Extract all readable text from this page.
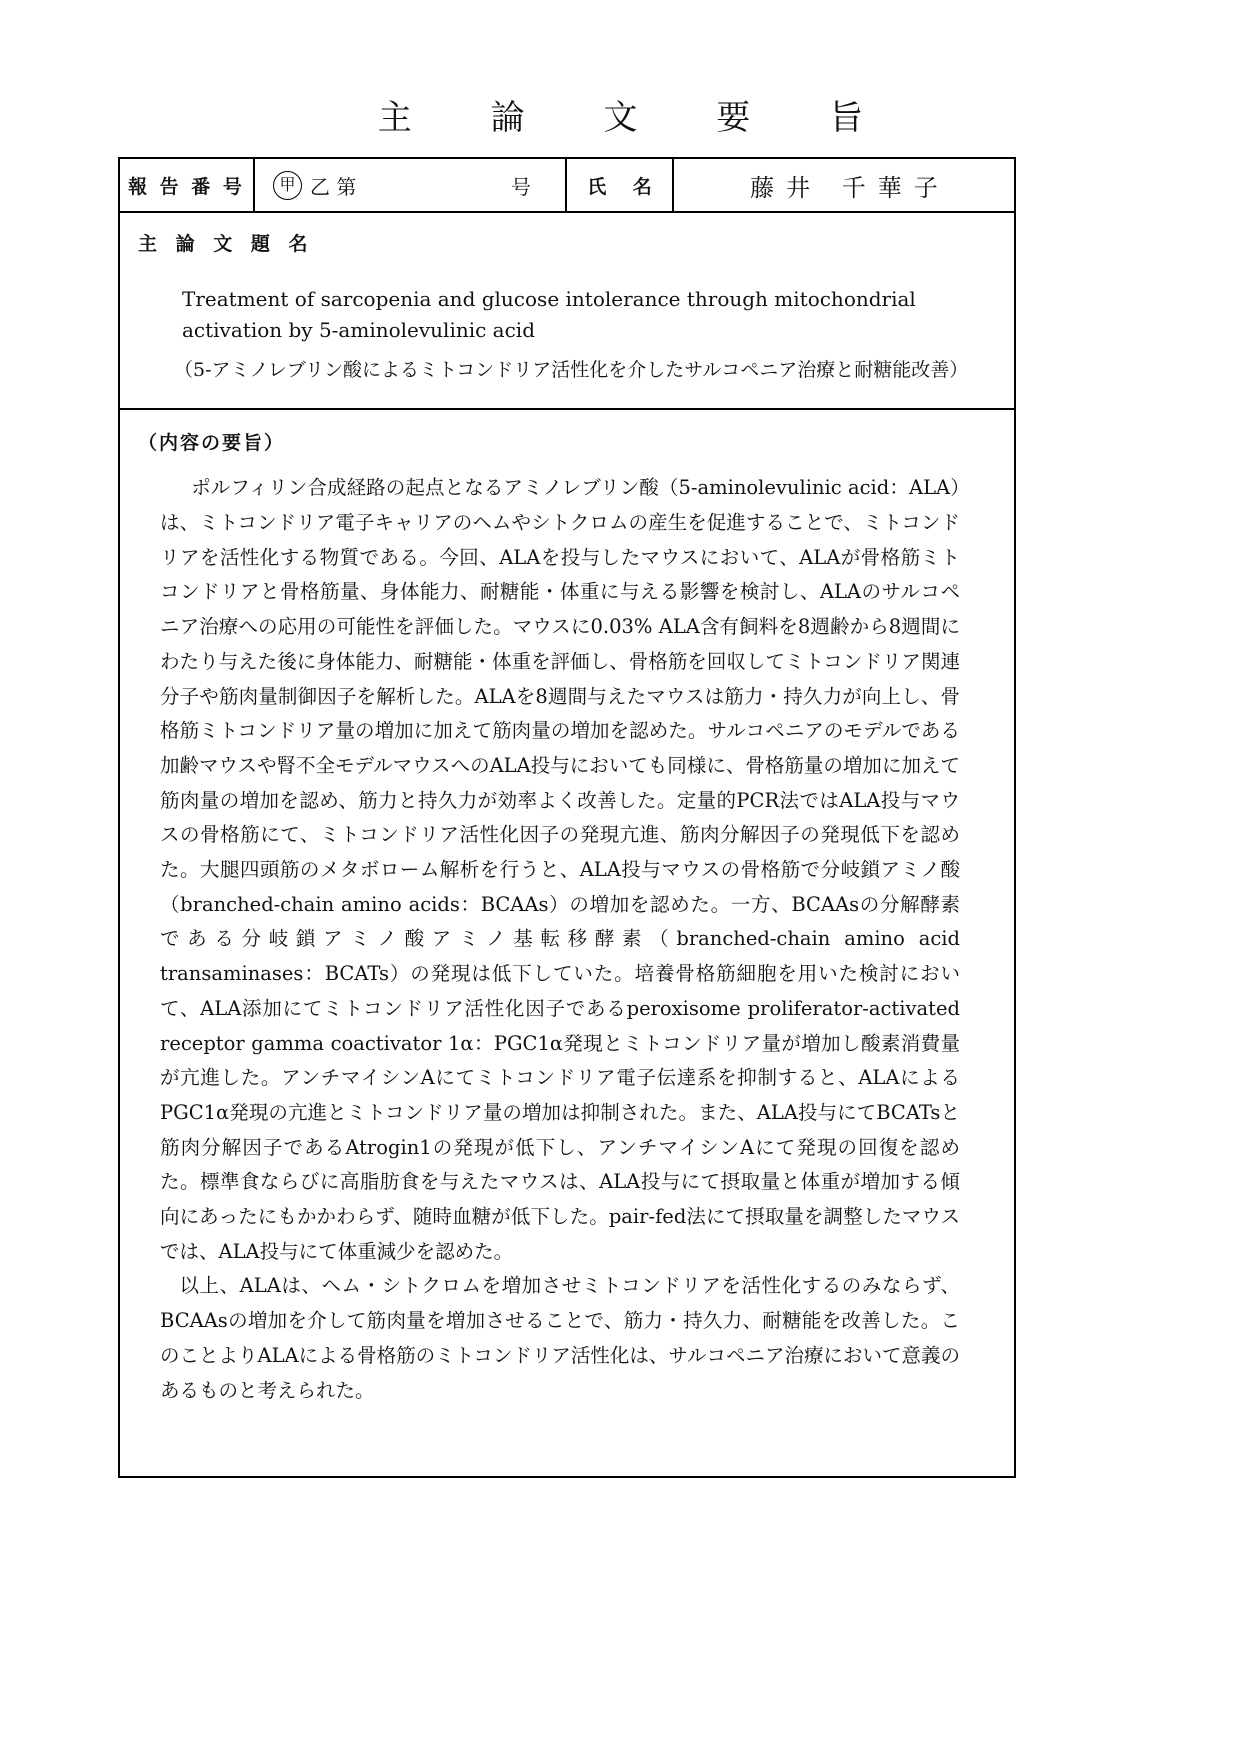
主 論 文 要 旨
報 告 番 号	甲 乙 第	号	氏 名	藤井 千華子
主 論 文 題 名
Treatment of sarcopenia and glucose intolerance through mitochondrial activation by 5-aminolevulinic acid
（5-アミノレブリン酸によるミトコンドリア活性化を介したサルコペニア治療と耐糖能改善）
（内容の要旨）

ポルフィリン合成経路の起点となるアミノレブリン酸（5-aminolevulinic acid：ALA）は、ミトコンドリア電子キャリアのヘムやシトクロムの産生を促進することで、ミトコンドリアを活性化する物質である。今回、ALAを投与したマウスにおいて、ALAが骨格筋ミトコンドリアと骨格筋量、身体能力、耐糖能・体重に与える影響を検討し、ALAのサルコペニア治療への応用の可能性を評価した。マウスに0.03% ALA含有飼料を8週齢から8週間にわたり与えた後に身体能力、耐糖能・体重を評価し、骨格筋を回収してミトコンドリア関連分子や筋肉量制御因子を解析した。ALAを8週間与えたマウスは筋力・持久力が向上し、骨格筋ミトコンドリア量の増加に加えて筋肉量の増加を認めた。サルコペニアのモデルである加齢マウスや腎不全モデルマウスへのALA投与においても同様に、骨格筋量の増加に加えて筋肉量の増加を認め、筋力と持久力が効率よく改善した。定量的PCR法ではALA投与マウスの骨格筋にて、ミトコンドリア活性化因子の発現亢進、筋肉分解因子の発現低下を認めた。大腿四頭筋のメタボローム解析を行うと、ALA投与マウスの骨格筋で分岐鎖アミノ酸（branched-chain amino acids：BCAAs）の増加を認めた。一方、BCAAsの分解酵素である分岐鎖アミノ酸アミノ基転移酵素（branched-chain amino acid transaminases：BCATs）の発現は低下していた。培養骨格筋細胞を用いた検討において、ALA添加にてミトコンドリア活性化因子であるperoxisome proliferator-activated receptor gamma coactivator 1α：PGC1α発現とミトコンドリア量が増加し酸素消費量が亢進した。アンチマイシンAにてミトコンドリア電子伝達系を抑制すると、ALAによるPGC1α発現の亢進とミトコンドリア量の増加は抑制された。また、ALA投与にてBCATsと筋肉分解因子であるAtrogin1の発現が低下し、アンチマイシンAにて発現の回復を認めた。標準食ならびに高脂肪食を与えたマウスは、ALA投与にて摂取量と体重が増加する傾向にあったにもかかわらず、随時血糖が低下した。pair-fed法にて摂取量を調整したマウスでは、ALA投与にて体重減少を認めた。

以上、ALAは、ヘム・シトクロムを増加させミトコンドリアを活性化するのみならず、BCAAsの増加を介して筋肉量を増加させることで、筋力・持久力、耐糖能を改善した。このことよりALAによる骨格筋のミトコンドリア活性化は、サルコペニア治療において意義のあるものと考えられた。
